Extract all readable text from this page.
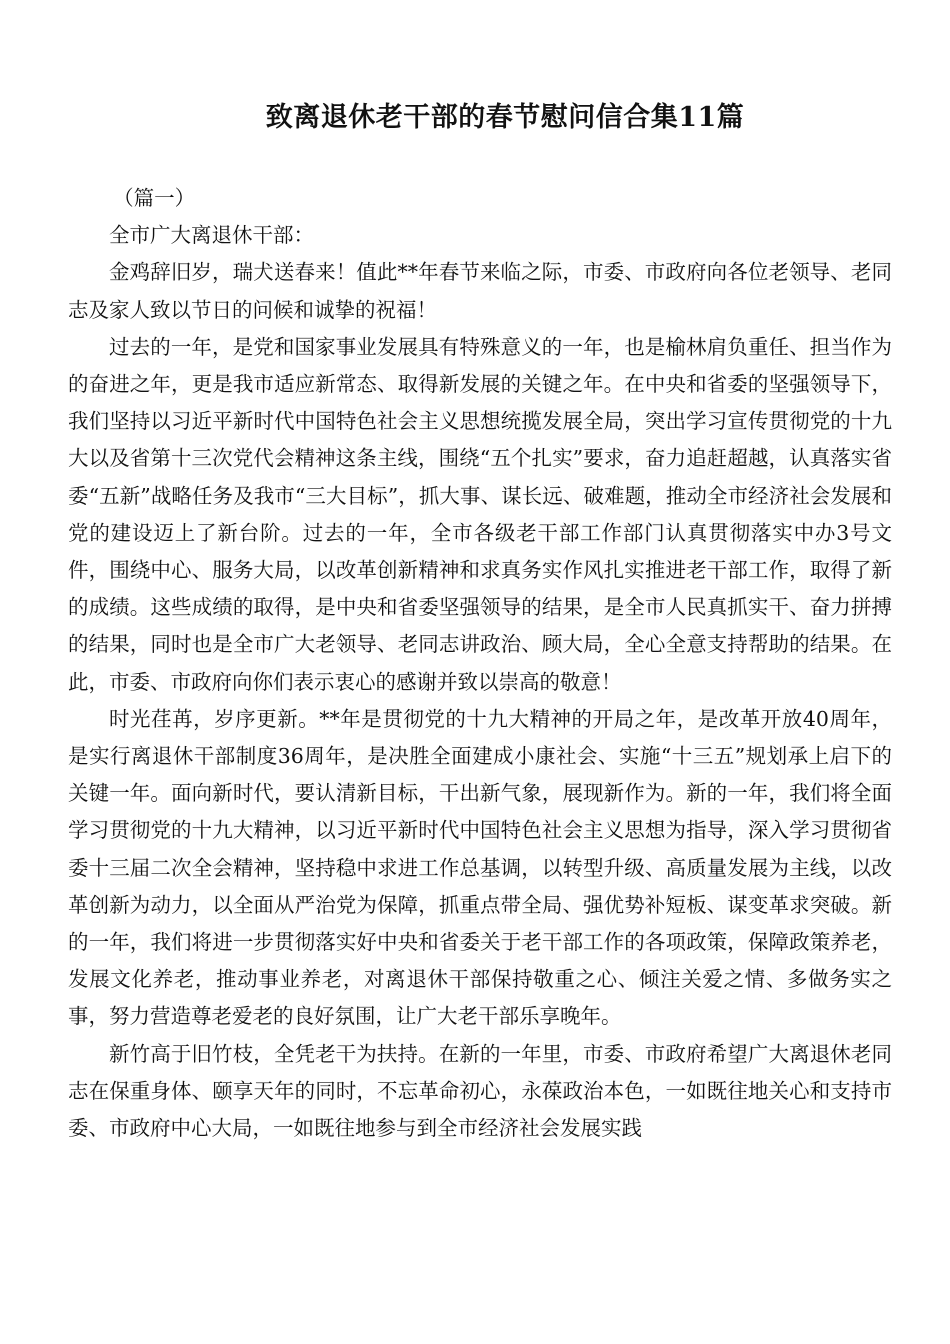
致离退休老干部的春节慰问信合集11篇

（篇一）

全市广大离退休干部：

金鸡辞旧岁，瑞犬送春来！值此**年春节来临之际，市委、市政府向各位老领导、老同志及家人致以节日的问候和诚挚的祝福！

过去的一年，是党和国家事业发展具有特殊意义的一年，也是榆林肩负重任、担当作为的奋进之年，更是我市适应新常态、取得新发展的关键之年。在中央和省委的坚强领导下，我们坚持以习近平新时代中国特色社会主义思想统揽发展全局，突出学习宣传贯彻党的十九大以及省第十三次党代会精神这条主线，围绕“五个扎实”要求，奋力追赶超越，认真落实省委“五新”战略任务及我市“三大目标”，抓大事、谋长远、破难题，推动全市经济社会发展和党的建设迈上了新台阶。过去的一年，全市各级老干部工作部门认真贯彻落实中办3号文件，围绕中心、服务大局，以改革创新精神和求真务实作风扎实推进老干部工作，取得了新的成绩。这些成绩的取得，是中央和省委坚强领导的结果，是全市人民真抓实干、奋力拼搏的结果，同时也是全市广大老领导、老同志讲政治、顾大局，全心全意支持帮助的结果。在此，市委、市政府向你们表示衷心的感谢并致以崇高的敬意！

时光荏苒，岁序更新。**年是贯彻党的十九大精神的开局之年，是改革开放40周年，是实行离退休干部制度36周年，是决胜全面建成小康社会、实施“十三五”规划承上启下的关键一年。面向新时代，要认清新目标，干出新气象，展现新作为。新的一年，我们将全面学习贯彻党的十九大精神，以习近平新时代中国特色社会主义思想为指导，深入学习贯彻省委十三届二次全会精神，坚持稳中求进工作总基调，以转型升级、高质量发展为主线，以改革创新为动力，以全面从严治党为保障，抓重点带全局、强优势补短板、谋变革求突破。新的一年，我们将进一步贯彻落实好中央和省委关于老干部工作的各项政策，保障政策养老，发展文化养老，推动事业养老，对离退休干部保持敬重之心、倾注关爱之情、多做务实之事，努力营造尊老爱老的良好氛围，让广大老干部乐享晚年。

新竹高于旧竹枝，全凭老干为扶持。在新的一年里，市委、市政府希望广大离退休老同志在保重身体、颐享天年的同时，不忘革命初心，永葆政治本色，一如既往地关心和支持市委、市政府中心大局，一如既往地参与到全市经济社会发展实践
